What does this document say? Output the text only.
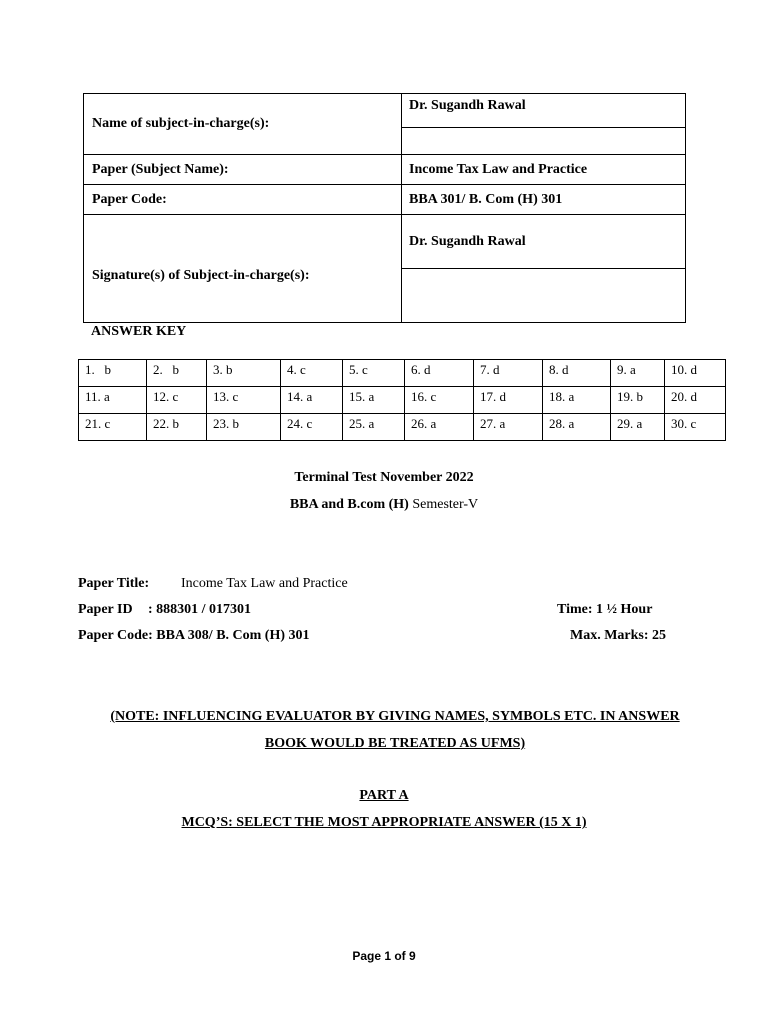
Name of subject-in-charge(s):	Dr. Sugandh Rawal

Paper (Subject Name):	Income Tax Law and Practice
Paper Code:	BBA 301/ B. Com (H) 301
Signature(s) of Subject-in-charge(s):	Dr. Sugandh Rawal

ANSWER KEY
1.   b	2.   b	3. b	4. c	5. c	6. d	7. d	8. d	9. a	10. d
11. a	12. c	13. c	14. a	15. a	16. c	17. d	18. a	19. b	20. d
21. c	22. b	23. b	24. c	25. a	26. a	27. a	28. a	29. a	30. c
Terminal Test November 2022
BBA and B.com (H) Semester-V
Paper Title: Income Tax Law and Practice
Paper ID : 888301 / 017301	Time: 1 ½ Hour
Paper Code: BBA 308/ B. Com (H) 301	Max. Marks: 25
(NOTE: INFLUENCING EVALUATOR BY GIVING NAMES, SYMBOLS ETC. IN ANSWER
BOOK WOULD BE TREATED AS UFMS)
PART A
MCQ’S: SELECT THE MOST APPROPRIATE ANSWER (15 X 1)
Page 1 of 9
